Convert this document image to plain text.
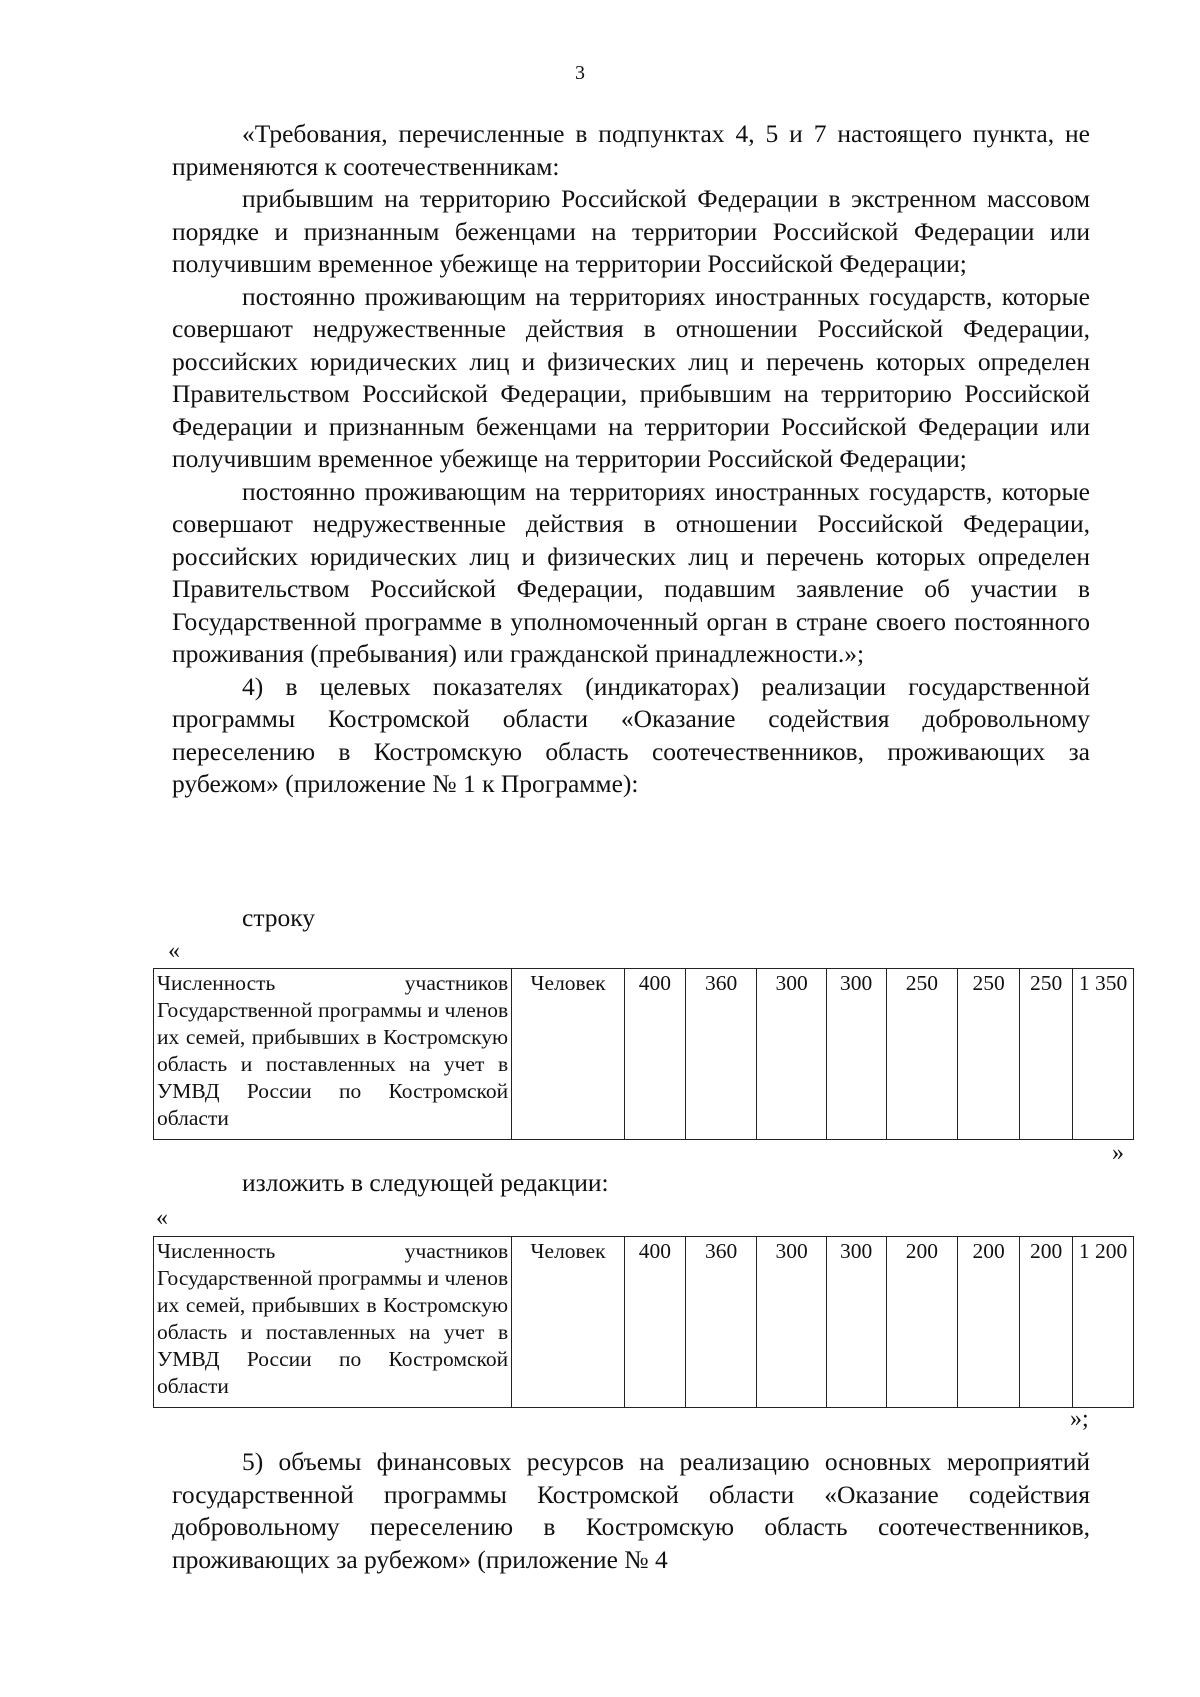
3

«Требования, перечисленные в подпунктах 4, 5 и 7 настоящего пункта, не применяются к соотечественникам:

прибывшим на территорию Российской Федерации в экстренном массовом порядке и признанным беженцами на территории Российской Федерации или получившим временное убежище на территории Российской Федерации;

постоянно проживающим на территориях иностранных государств, которые совершают недружественные действия в отношении Российской Федерации, российских юридических лиц и физических лиц и перечень которых определен Правительством Российской Федерации, прибывшим на территорию Российской Федерации и признанным беженцами на территории Российской Федерации или получившим временное убежище на территории Российской Федерации;

постоянно проживающим на территориях иностранных государств, которые совершают недружественные действия в отношении Российской Федерации, российских юридических лиц и физических лиц и перечень которых определен Правительством Российской Федерации, подавшим заявление об участии в Государственной программе в уполномоченный орган в стране своего постоянного проживания (пребывания) или гражданской принадлежности.»;

4) в целевых показателях (индикаторах) реализации государственной программы Костромской области «Оказание содействия добровольному переселению в Костромскую область соотечественников, проживающих за рубежом» (приложение № 1 к Программе):

строку
«
Численность участников Государственной программы и членов их семей, прибывших в Костромскую область и поставленных на учет в УМВД России по Костромской области	Человек	400	360	300	300	250	250	250	1 350
»
изложить в следующей редакции:
«
Численность участников Государственной программы и членов их семей, прибывших в Костромскую область и поставленных на учет в УМВД России по Костромской области	Человек	400	360	300	300	200	200	200	1 200
»;

5) объемы финансовых ресурсов на реализацию основных мероприятий государственной программы Костромской области «Оказание содействия добровольному переселению в Костромскую область соотечественников, проживающих за рубежом» (приложение № 4
